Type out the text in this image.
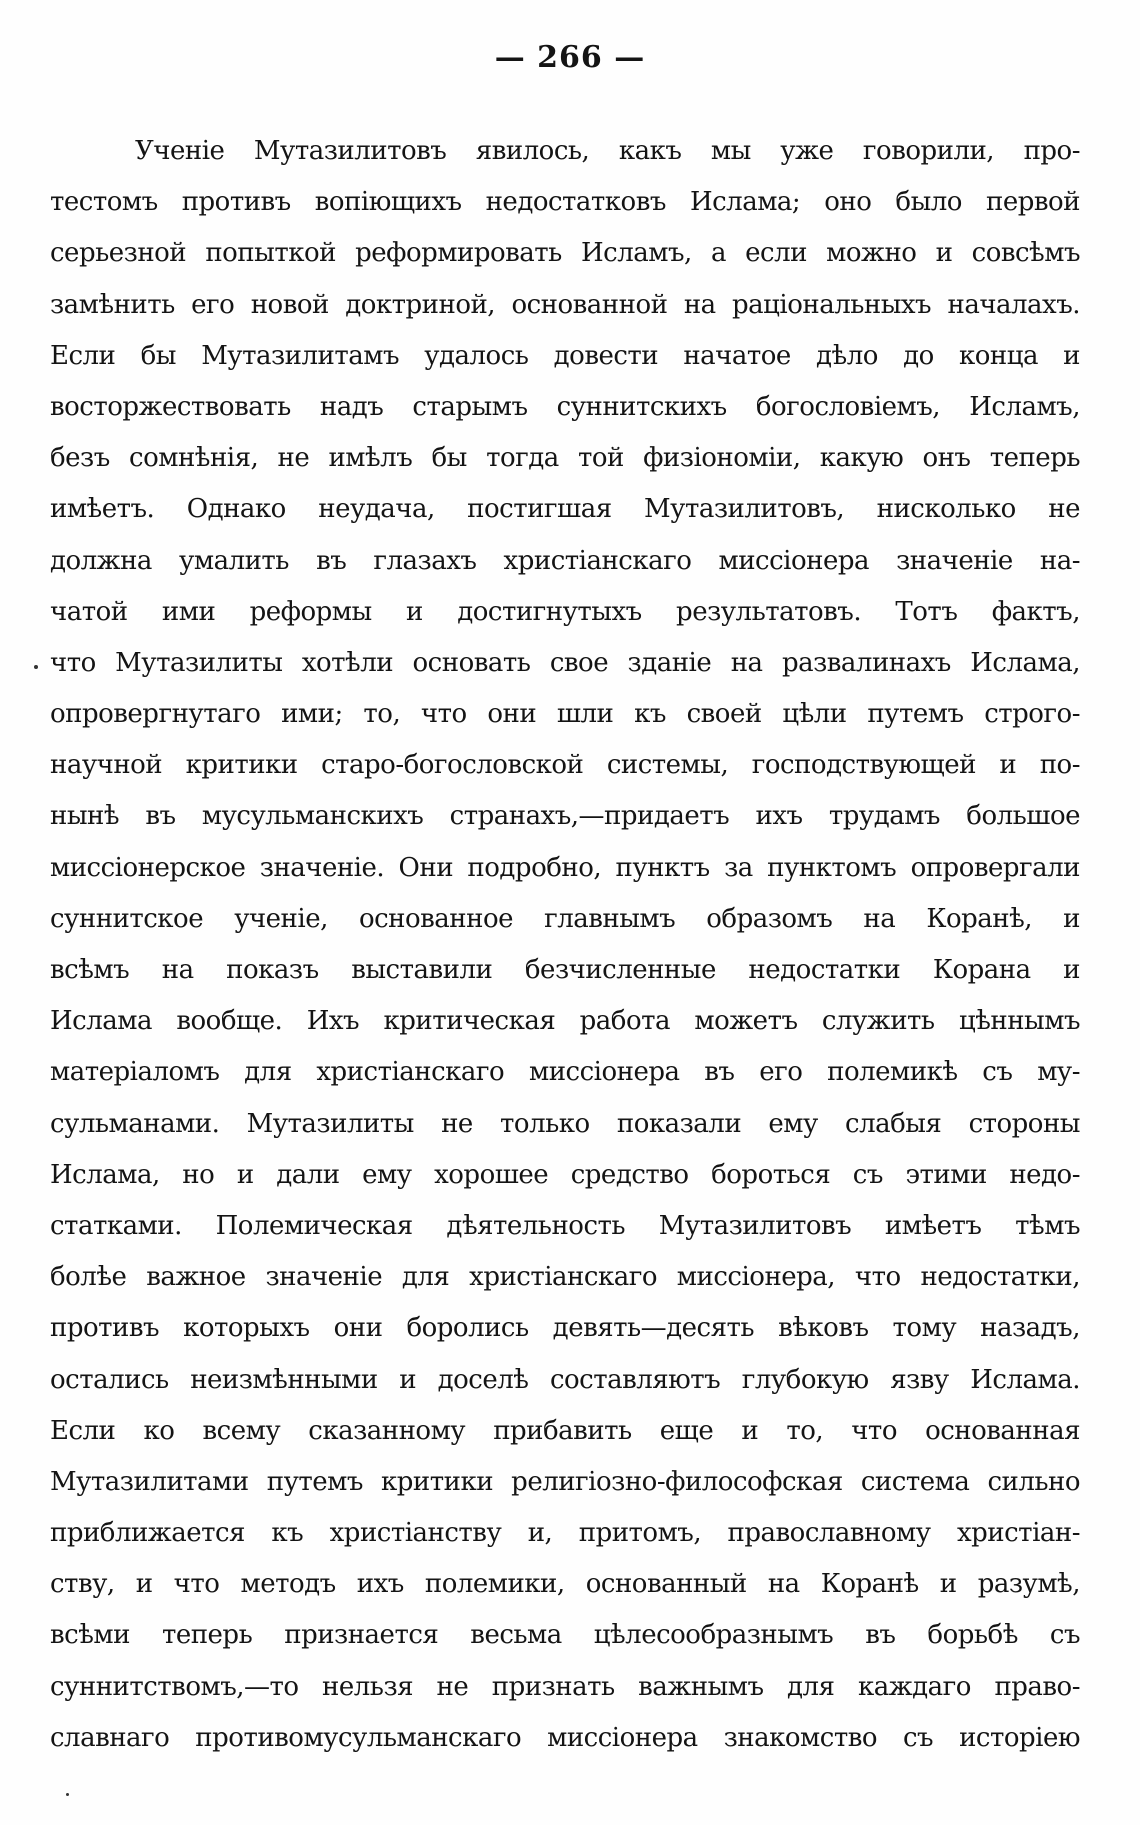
— 266 —
Ученіе Мутазилитовъ явилось, какъ мы уже говорили, про-
тестомъ противъ вопіющихъ недостатковъ Ислама; оно было первой
серьезной попыткой реформировать Исламъ, а если можно и совсѣмъ
замѣнить его новой доктриной, основанной на раціональныхъ началахъ.
Если бы Мутазилитамъ удалось довести начатое дѣло до конца и
восторжествовать надъ старымъ суннитскихъ богословіемъ, Исламъ,
безъ сомнѣнія, не имѣлъ бы тогда той физіономіи, какую онъ теперь
имѣетъ. Однако неудача, постигшая Мутазилитовъ, нисколько не
должна умалить въ глазахъ христіанскаго миссіонера значеніе на-
чатой ими реформы и достигнутыхъ результатовъ. Тотъ фактъ,
что Мутазилиты хотѣли основать свое зданіе на развалинахъ Ислама,
опровергнутаго ими; то, что они шли къ своей цѣли путемъ строго-
научной критики старо-богословской системы, господствующей и по-
нынѣ въ мусульманскихъ странахъ,—придаетъ ихъ трудамъ большое
миссіонерское значеніе. Они подробно, пунктъ за пунктомъ опровергали
суннитское ученіе, основанное главнымъ образомъ на Коранѣ, и
всѣмъ на показъ выставили безчисленные недостатки Корана и
Ислама вообще. Ихъ критическая работа можетъ служить цѣннымъ
матеріаломъ для христіанскаго миссіонера въ его полемикѣ съ му-
сульманами. Мутазилиты не только показали ему слабыя стороны
Ислама, но и дали ему хорошее средство бороться съ этими недо-
статками. Полемическая дѣятельность Мутазилитовъ имѣетъ тѣмъ
болѣе важное значеніе для христіанскаго миссіонера, что недостатки,
противъ которыхъ они боролись девять—десять вѣковъ тому назадъ,
остались неизмѣнными и доселѣ составляютъ глубокую язву Ислама.
Если ко всему сказанному прибавить еще и то, что основанная
Мутазилитами путемъ критики религіозно-философская система сильно
приближается къ христіанству и, притомъ, православному христіан-
ству, и что методъ ихъ полемики, основанный на Коранѣ и разумѣ,
всѣми теперь признается весьма цѣлесообразнымъ въ борьбѣ съ
суннитствомъ,—то нельзя не признать важнымъ для каждаго право-
славнаго противомусульманскаго миссіонера знакомство съ исторіею
